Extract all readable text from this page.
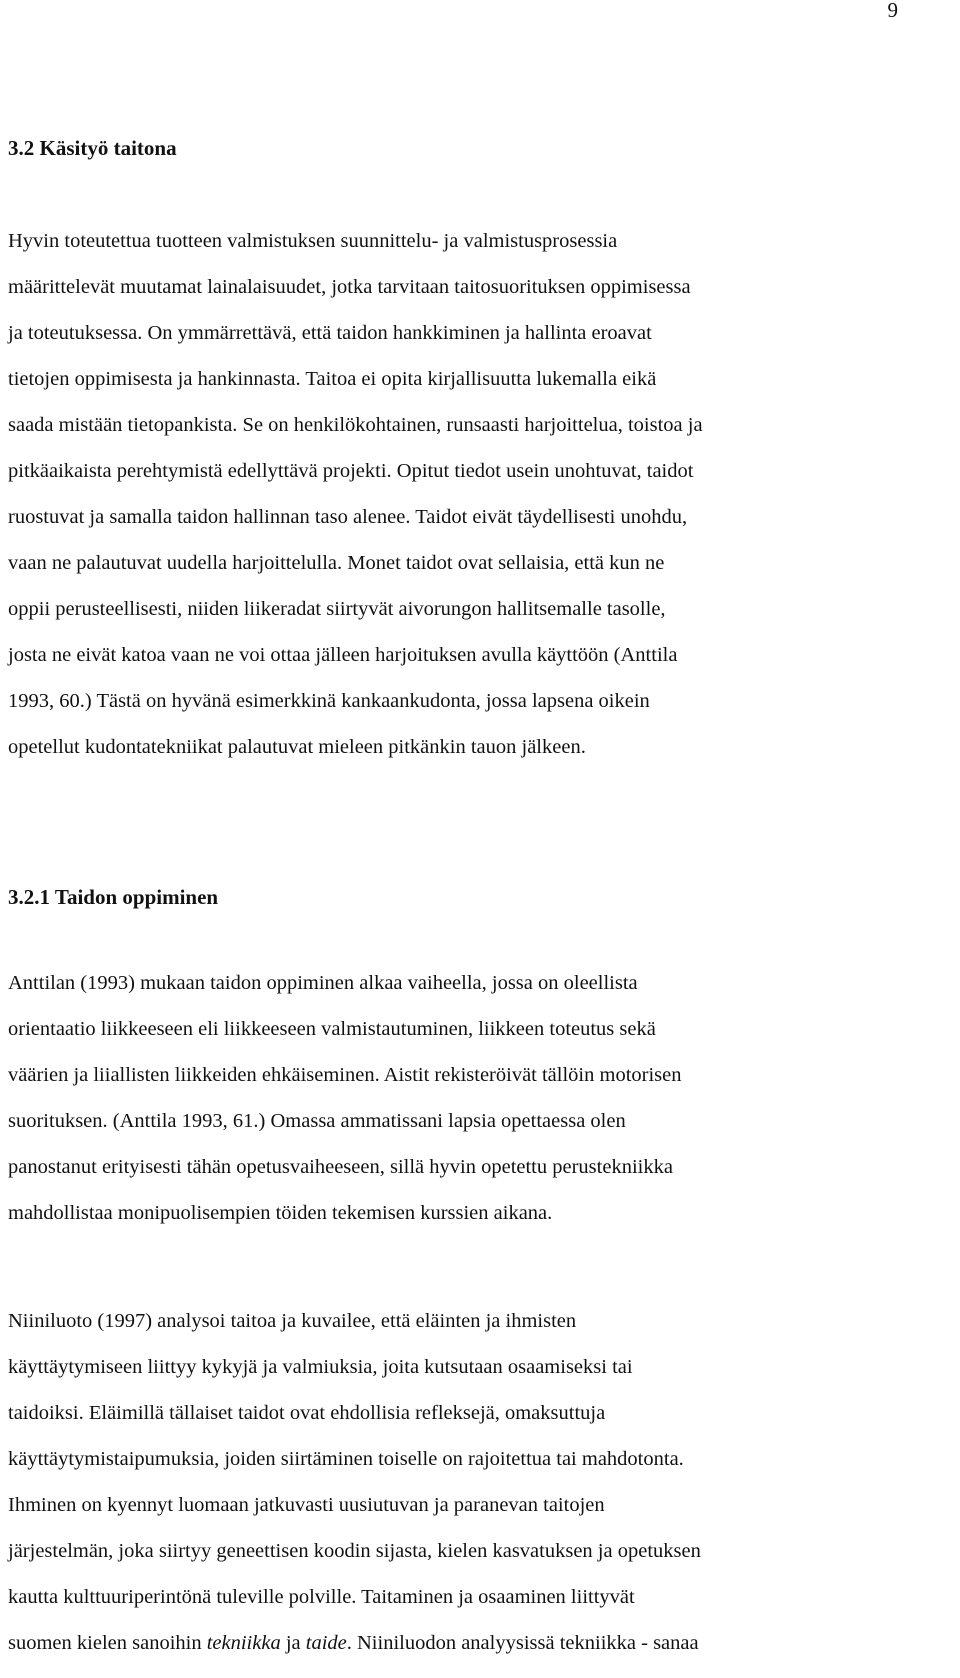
9
3.2 Käsityö taitona

Hyvin toteutettua tuotteen valmistuksen suunnittelu- ja valmistusprosessia
määrittelevät muutamat lainalaisuudet, jotka tarvitaan taitosuorituksen oppimisessa
ja toteutuksessa. On ymmärrettävä, että taidon hankkiminen ja hallinta eroavat
tietojen oppimisesta ja hankinnasta. Taitoa ei opita kirjallisuutta lukemalla eikä
saada mistään tietopankista. Se on henkilökohtainen, runsaasti harjoittelua, toistoa ja
pitkäaikaista perehtymistä edellyttävä projekti. Opitut tiedot usein unohtuvat, taidot
ruostuvat ja samalla taidon hallinnan taso alenee. Taidot eivät täydellisesti unohdu,
vaan ne palautuvat uudella harjoittelulla. Monet taidot ovat sellaisia, että kun ne
oppii perusteellisesti, niiden liikeradat siirtyvät aivorungon hallitsemalle tasolle,
josta ne eivät katoa vaan ne voi ottaa jälleen harjoituksen avulla käyttöön (Anttila
1993, 60.) Tästä on hyvänä esimerkkinä kankaankudonta, jossa lapsena oikein
opetellut kudontatekniikat palautuvat mieleen pitkänkin tauon jälkeen.

3.2.1 Taidon oppiminen

Anttilan (1993) mukaan taidon oppiminen alkaa vaiheella, jossa on oleellista
orientaatio liikkeeseen eli liikkeeseen valmistautuminen, liikkeen toteutus sekä
väärien ja liiallisten liikkeiden ehkäiseminen. Aistit rekisteröivät tällöin motorisen
suorituksen. (Anttila 1993, 61.) Omassa ammatissani lapsia opettaessa olen
panostanut erityisesti tähän opetusvaiheeseen, sillä hyvin opetettu perustekniikka
mahdollistaa monipuolisempien töiden tekemisen kurssien aikana.

Niiniluoto (1997) analysoi taitoa ja kuvailee, että eläinten ja ihmisten
käyttäytymiseen liittyy kykyjä ja valmiuksia, joita kutsutaan osaamiseksi tai
taidoiksi. Eläimillä tällaiset taidot ovat ehdollisia refleksejä, omaksuttuja
käyttäytymistaipumuksia, joiden siirtäminen toiselle on rajoitettua tai mahdotonta.
Ihminen on kyennyt luomaan jatkuvasti uusiutuvan ja paranevan taitojen
järjestelmän, joka siirtyy geneettisen koodin sijasta, kielen kasvatuksen ja opetuksen
kautta kulttuuriperintönä tuleville polville. Taitaminen ja osaaminen liittyvät
suomen kielen sanoihin tekniikka ja taide. Niiniluodon analyysissä tekniikka - sanaa
